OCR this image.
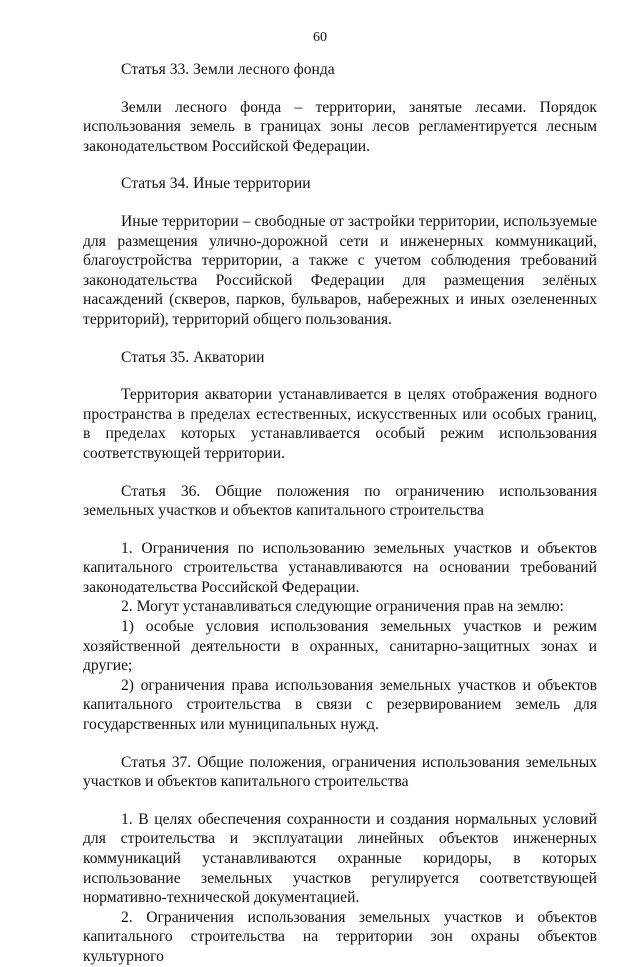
60

Статья 33. Земли лесного фонда

Земли лесного фонда – территории, занятые лесами. Порядок использования земель в границах зоны лесов регламентируется лесным законодательством Российской Федерации.

Статья 34. Иные территории

Иные территории – свободные от застройки территории, используемые для размещения улично-дорожной сети и инженерных коммуникаций, благоустройства территории, а также с учетом соблюдения требований законодательства Российской Федерации для размещения зелёных насаждений (скверов, парков, бульваров, набережных и иных озелененных территорий), территорий общего пользования.

Статья 35. Акватории

Территория акватории устанавливается в целях отображения водного пространства в пределах естественных, искусственных или особых границ, в пределах которых устанавливается особый режим использования соответствующей территории.

Статья 36. Общие положения по ограничению использования земельных участков и объектов капитального строительства

1. Ограничения по использованию земельных участков и объектов капитального строительства устанавливаются на основании требований законодательства Российской Федерации.

2. Могут устанавливаться следующие ограничения прав на землю:

1) особые условия использования земельных участков и режим хозяйственной деятельности в охранных, санитарно-защитных зонах и другие;

2) ограничения права использования земельных участков и объектов капитального строительства в связи с резервированием земель для государственных или муниципальных нужд.

Статья 37. Общие положения, ограничения использования земельных участков и объектов капитального строительства

1. В целях обеспечения сохранности и создания нормальных условий для строительства и эксплуатации линейных объектов инженерных коммуникаций устанавливаются охранные коридоры, в которых использование земельных участков регулируется соответствующей нормативно-технической документацией.

2. Ограничения использования земельных участков и объектов капитального строительства на территории зон охраны объектов культурного
